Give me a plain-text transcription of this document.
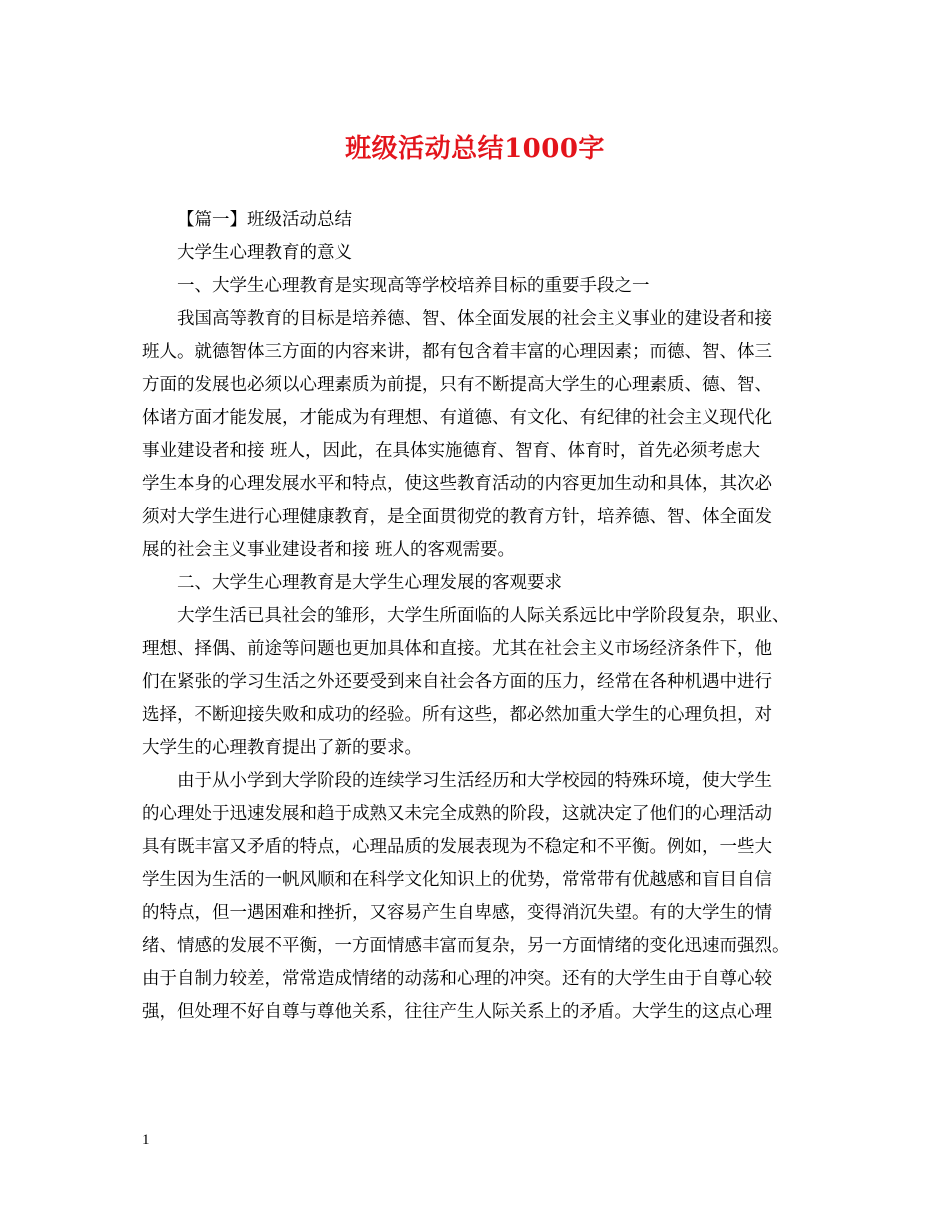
班级活动总结1000字
【篇一】班级活动总结
大学生心理教育的意义
一、大学生心理教育是实现高等学校培养目标的重要手段之一
我国高等教育的目标是培养德、智、体全面发展的社会主义事业的建设者和接
班人。就德智体三方面的内容来讲，都有包含着丰富的心理因素；而德、智、体三
方面的发展也必须以心理素质为前提，只有不断提高大学生的心理素质、德、智、
体诸方面才能发展，才能成为有理想、有道德、有文化、有纪律的社会主义现代化
事业建设者和接 班人，因此，在具体实施德育、智育、体育时，首先必须考虑大
学生本身的心理发展水平和特点，使这些教育活动的内容更加生动和具体，其次必
须对大学生进行心理健康教育，是全面贯彻党的教育方针，培养德、智、体全面发
展的社会主义事业建设者和接 班人的客观需要。
二、大学生心理教育是大学生心理发展的客观要求
大学生活已具社会的雏形，大学生所面临的人际关系远比中学阶段复杂，职业、
理想、择偶、前途等问题也更加具体和直接。尤其在社会主义市场经济条件下，他
们在紧张的学习生活之外还要受到来自社会各方面的压力，经常在各种机遇中进行
选择，不断迎接失败和成功的经验。所有这些，都必然加重大学生的心理负担，对
大学生的心理教育提出了新的要求。
由于从小学到大学阶段的连续学习生活经历和大学校园的特殊环境，使大学生
的心理处于迅速发展和趋于成熟又未完全成熟的阶段，这就决定了他们的心理活动
具有既丰富又矛盾的特点，心理品质的发展表现为不稳定和不平衡。例如，一些大
学生因为生活的一帆风顺和在科学文化知识上的优势，常常带有优越感和盲目自信
的特点，但一遇困难和挫折，又容易产生自卑感，变得消沉失望。有的大学生的情
绪、情感的发展不平衡，一方面情感丰富而复杂，另一方面情绪的变化迅速而强烈。
由于自制力较差，常常造成情绪的动荡和心理的冲突。还有的大学生由于自尊心较
强，但处理不好自尊与尊他关系，往往产生人际关系上的矛盾。大学生的这点心理
1
